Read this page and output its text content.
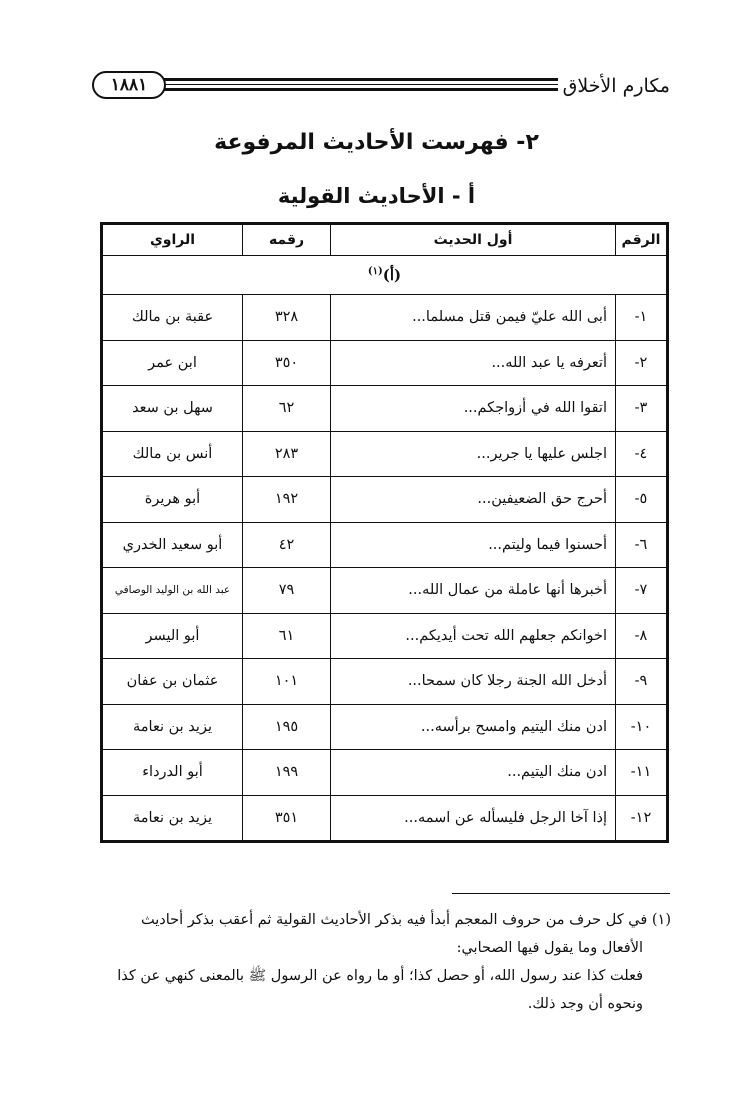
مكارم الأخلاق
١٨٨١
٢- فهرست الأحاديث المرفوعة
أ - الأحاديث القولية
الرقم	أول الحديث	رقمه	الراوي
(أ)$^{(١)}$
١-	أبى الله عليّ فيمن قتل مسلما...	٣٢٨	عقبة بن مالك
٢-	أتعرفه يا عبد الله...	٣٥٠	ابن عمر
٣-	اتقوا الله في أزواجكم...	٦٢	سهل بن سعد
٤-	اجلس عليها يا جرير...	٢٨٣	أنس بن مالك
٥-	أحرج حق الضعيفين...	١٩٢	أبو هريرة
٦-	أحسنوا فيما وليتم...	٤٢	أبو سعيد الخدري
٧-	أخبرها أنها عاملة من عمال الله...	٧٩	عبد الله بن الوليد الوصافي
٨-	اخوانكم جعلهم الله تحت أيديكم...	٦١	أبو اليسر
٩-	أدخل الله الجنة رجلا كان سمحا...	١٠١	عثمان بن عفان
١٠-	ادن منك اليتيم وامسح برأسه...	١٩٥	يزيد بن نعامة
١١-	ادن منك اليتيم...	١٩٩	أبو الدرداء
١٢-	إذا آخا الرجل فليسأله عن اسمه...	٣٥١	يزيد بن نعامة

(١) في كل حرف من حروف المعجم أبدأ فيه بذكر الأحاديث القولية ثم أعقب بذكر أحاديث

الأفعال وما يقول فيها الصحابي:

فعلت كذا عند رسول الله، أو حصل كذا؛ أو ما رواه عن الرسول ﷺ بالمعنى كنهي عن كذا

ونحوه أن وجد ذلك.
